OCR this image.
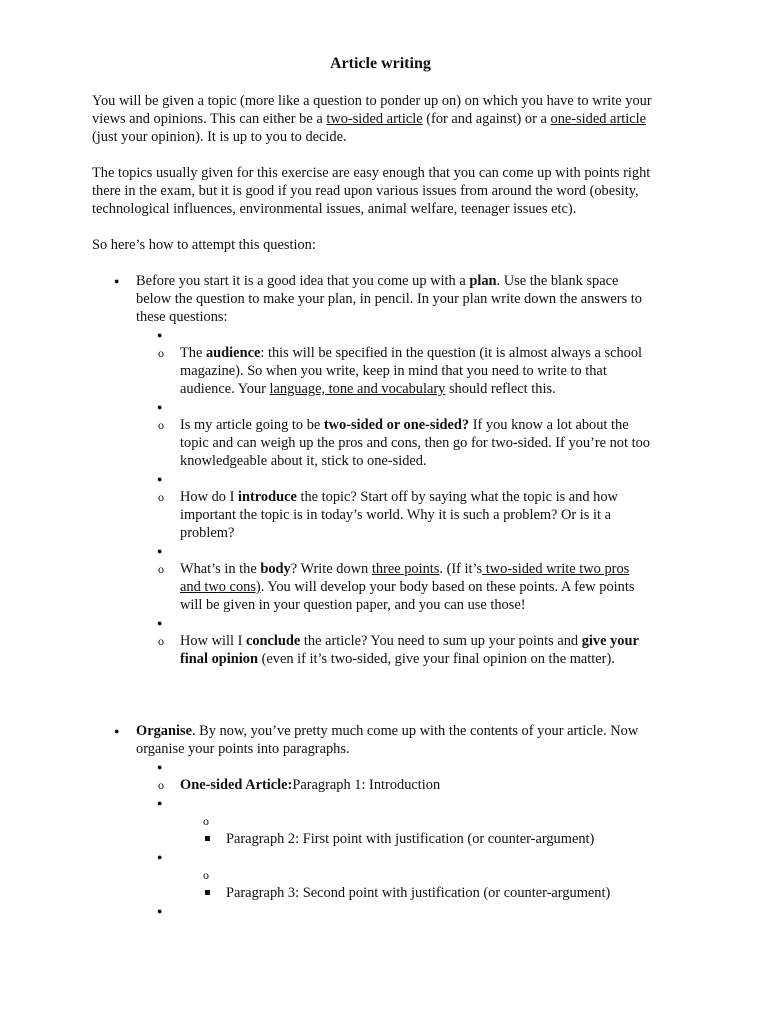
Article writing
You will be given a topic (more like a question to ponder up on) on which you have to write your
views and opinions. This can either be a two-sided article (for and against) or a one-sided article
(just your opinion). It is up to you to decide.
The topics usually given for this exercise are easy enough that you can come up with points right
there in the exam, but it is good if you read upon various issues from around the word (obesity,
technological influences, environmental issues, animal welfare, teenager issues etc).
So here’s how to attempt this question:
● Before you start it is a good idea that you come up with a plan. Use the blank space
below the question to make your plan, in pencil. In your plan write down the answers to
these questions:
●
o The audience: this will be specified in the question (it is almost always a school
magazine). So when you write, keep in mind that you need to write to that
audience. Your language, tone and vocabulary should reflect this.
●
o Is my article going to be two-sided or one-sided? If you know a lot about the
topic and can weigh up the pros and cons, then go for two-sided. If you’re not too
knowledgeable about it, stick to one-sided.
●
o How do I introduce the topic? Start off by saying what the topic is and how
important the topic is in today’s world. Why it is such a problem? Or is it a
problem?
●
o What’s in the body? Write down three points. (If it’s two-sided write two pros
and two cons). You will develop your body based on these points. A few points
will be given in your question paper, and you can use those!
●
o How will I conclude the article? You need to sum up your points and give your
final opinion (even if it’s two-sided, give your final opinion on the matter).
● Organise. By now, you’ve pretty much come up with the contents of your article. Now
organise your points into paragraphs.
●
o One-sided Article:Paragraph 1: Introduction
●
o
Paragraph 2: First point with justification (or counter-argument)
●
o
Paragraph 3: Second point with justification (or counter-argument)
●
